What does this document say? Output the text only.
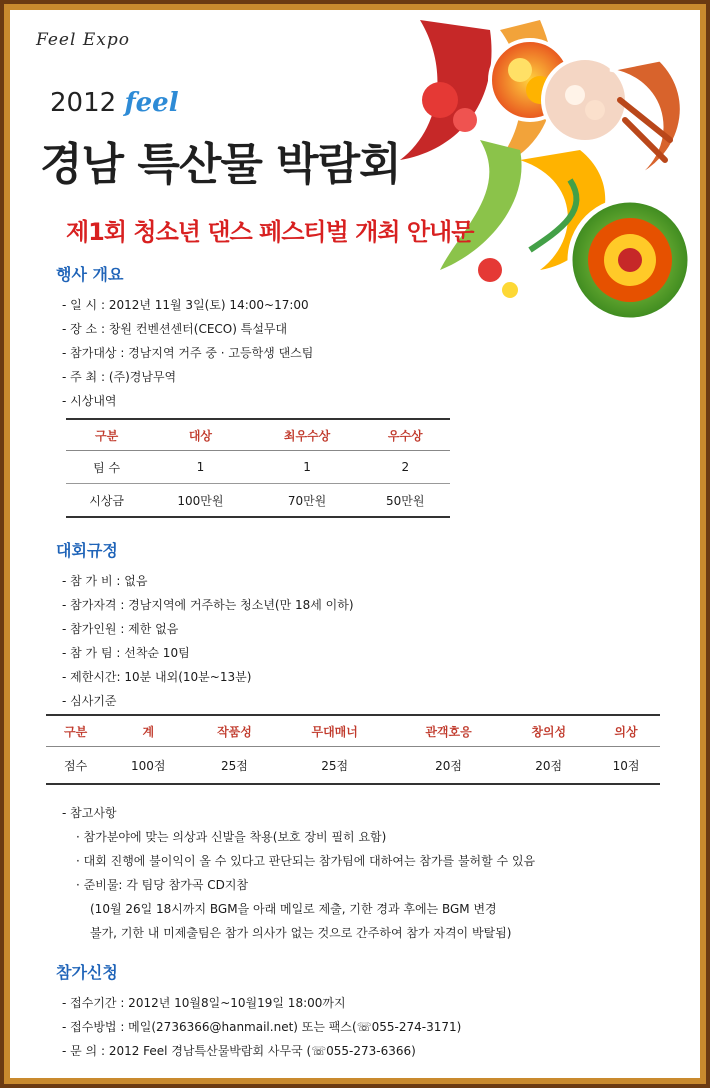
Feel Expo
2012 feel
경남 특산물 박람회
제1회 청소년 댄스 페스티벌 개최 안내문
행사 개요
- 일 시 : 2012년 11월 3일(토) 14:00~17:00
- 장 소 : 창원 컨벤션센터(CECO) 특설무대
- 참가대상 : 경남지역 거주 중 · 고등학생 댄스팀
- 주 최 : (주)경남무역
- 시상내역
구분	대상	최우수상	우수상
팀 수	1	1	2
시상금	100만원	70만원	50만원
대회규정
- 참 가 비 : 없음
- 참가자격 : 경남지역에 거주하는 청소년(만 18세 이하)
- 참가인원 : 제한 없음
- 참 가 팀 : 선착순 10팀
- 제한시간: 10분 내외(10분~13분)
- 심사기준
구분	계	작품성	무대매너	관객호응	창의성	의상
점수	100점	25점	25점	20점	20점	10점
- 참고사항
· 참가분야에 맞는 의상과 신발을 착용(보호 장비 필히 요함)
· 대회 진행에 불이익이 올 수 있다고 판단되는 참가팀에 대하여는 참가를 불허할 수 있음
· 준비물: 각 팀당 참가곡 CD지참
(10월 26일 18시까지 BGM을 아래 메일로 제출, 기한 경과 후에는 BGM 변경
불가, 기한 내 미제출팀은 참가 의사가 없는 것으로 간주하여 참가 자격이 박탈됨)
참가신청
- 접수기간 : 2012년 10월8일~10월19일 18:00까지
- 접수방법 : 메일(2736366@hanmail.net) 또는 팩스(☏055-274-3171)
- 문 의 : 2012 Feel 경남특산물박람회 사무국 (☏055-273-6366)
